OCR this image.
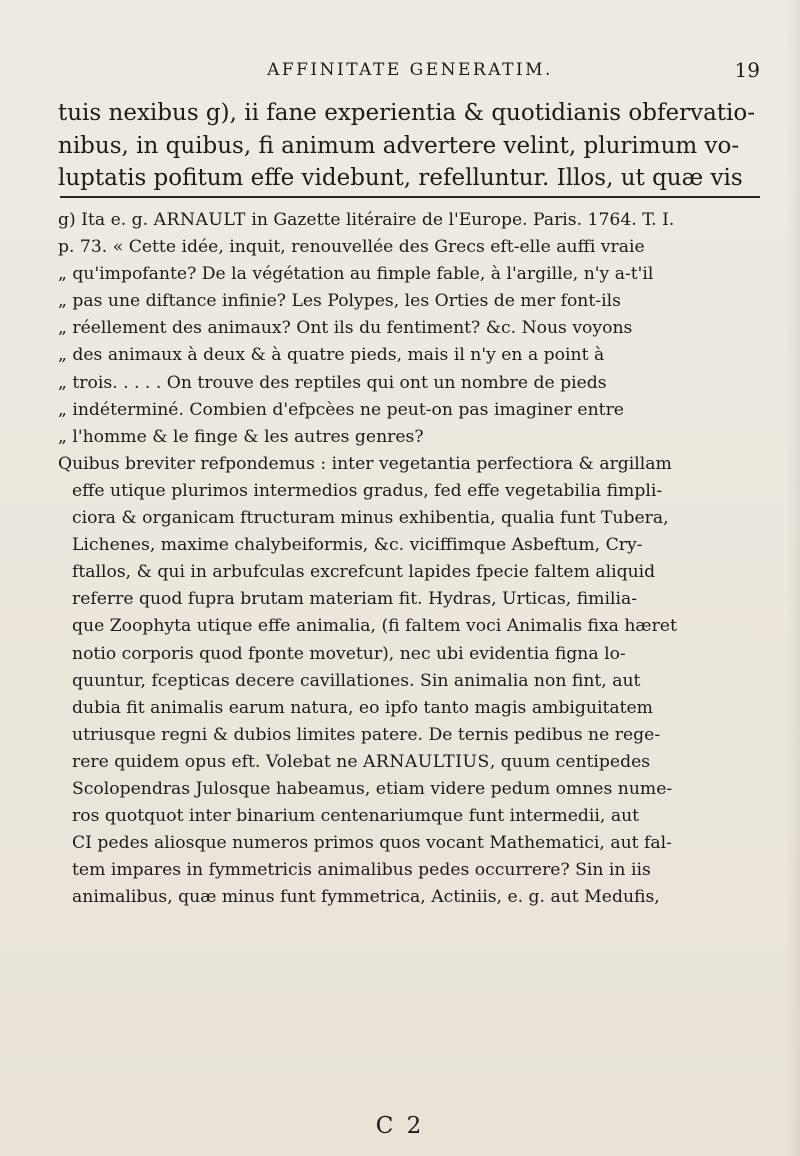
AFFINITATE GENERATIM.	19

tuis nexibus g), ii fane experientia & quotidianis obfervatio-
nibus, in quibus, fi animum advertere velint, plurimum vo-
luptatis pofitum effe videbunt, refelluntur. Illos, ut quæ vis

g) Ita e. g. ARNAULT in Gazette litéraire de l'Europe. Paris. 1764. T. I.
p. 73. « Cette idée, inquit, renouvellée des Grecs eft-elle auffi vraie
„ qu'impofante? De la végétation au fimple fable, à l'argille, n'y a-t'il
„ pas une diftance infinie? Les Polypes, les Orties de mer font-ils
„ réellement des animaux? Ont ils du fentiment? &c. Nous voyons
„ des animaux à deux & à quatre pieds, mais il n'y en a point à
„ trois. . . . . On trouve des reptiles qui ont un nombre de pieds
„ indéterminé. Combien d'efpcèes ne peut-on pas imaginer entre
„ l'homme & le finge & les autres genres?
Quibus breviter refpondemus : inter vegetantia perfectiora & argillam
effe utique plurimos intermedios gradus, fed effe vegetabilia fimpli-
ciora & organicam ftructuram minus exhibentia, qualia funt Tubera,
Lichenes, maxime chalybeiformis, &c. viciffimque Asbeftum, Cry-
ftallos, & qui in arbufculas excrefcunt lapides fpecie faltem aliquid
referre quod fupra brutam materiam fit. Hydras, Urticas, fimilia-
que Zoophyta utique effe animalia, (fi faltem voci Animalis fixa hæret
notio corporis quod fponte movetur), nec ubi evidentia figna lo-
quuntur, fcepticas decere cavillationes. Sin animalia non fint, aut
dubia fit animalis earum natura, eo ipfo tanto magis ambiguitatem
utriusque regni & dubios limites patere. De ternis pedibus ne rege-
rere quidem opus eft. Volebat ne ARNAULTIUS, quum centipedes
Scolopendras Julosque habeamus, etiam videre pedum omnes nume-
ros quotquot inter binarium centenariumque funt intermedii, aut
CI pedes aliosque numeros primos quos vocant Mathematici, aut fal-
tem impares in fymmetricis animalibus pedes occurrere? Sin in iis
animalibus, quæ minus funt fymmetrica, Actiniis, e. g. aut Medufis,
C 2
